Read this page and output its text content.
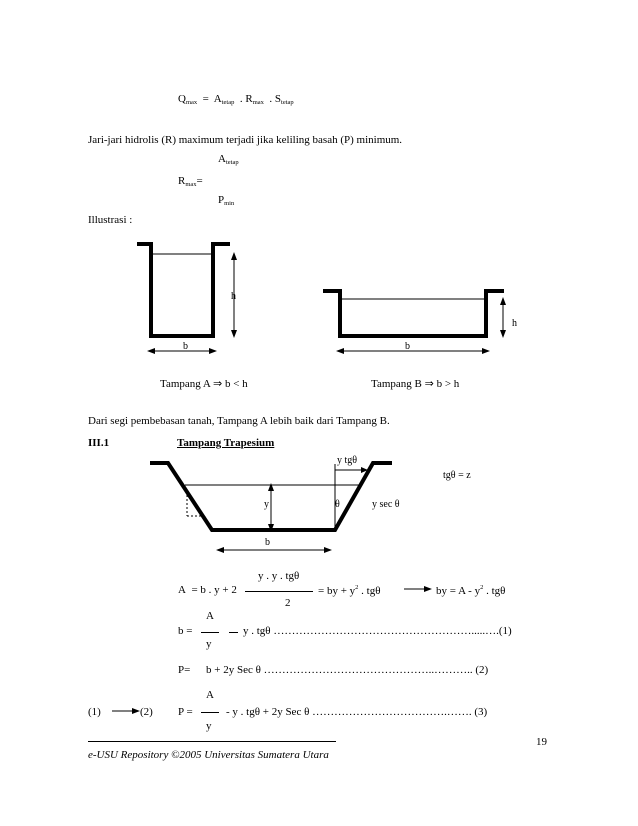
$Q_{max} = A_{tetap}$ . $R_{max}$ . $S_{tetap}$
Jari-jari hidrolis (R) maximum terjadi jika keliling basah (P) minimum.
$A_{tetap}$
$R_{max}=$
$P_{min}$
Illustrasi :
h
b
h
b
Tampang A ⇒ b < h	Tampang B ⇒ b > h
Dari segi pembebasan tanah, Tampang A lebih baik dari Tampang B.
III.1	Tampang Trapesium
y tgθ
y	θ	y sec θ
z
b
tgθ = z
y . y . tgθ
A = b . y + 2	= by + $y^2$ . tgθ	by = A - $y^2$ . tgθ
2
A
b =	y . tgθ ……………………………………………….....….(1)
y
P= b + 2y Sec θ ………………………………………..……….. (2)
A
(1)	(2) P =	- y . tgθ + 2y Sec θ ……………………………….……. (3)
y
19
e-USU Repository ©2005 Universitas Sumatera Utara
